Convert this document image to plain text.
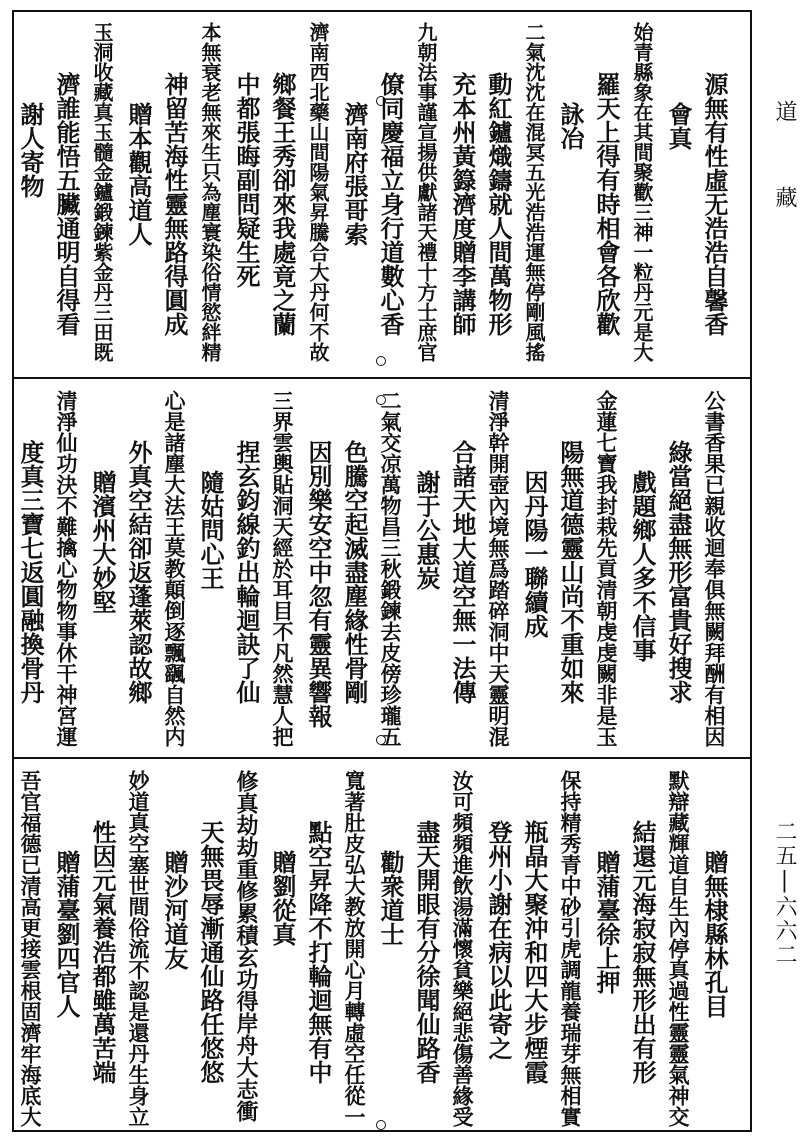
道藏
二五|六六二
源無有性虛无浩浩自馨香
會真
始青縣象在其間聚歡三神一粒丹元是大
羅天上得有時相會各欣歡
詠冶
二氣沈沈在混冥五光浩浩運無停剛風搖
動紅鑪熾鑄就人間萬物形
充本州黃籙濟度贈李講師
九朝法事謹宣揚供獻諸天禮十方士庶官
僚同慶福立身行道數心香
濟南府張哥索
濟南西北藥山間陽氣昇騰合大丹何不故
鄉餐王秀卻來我處竟之蘭
中都張晦副問疑生死
本無衰老無來生只為塵寰染俗情慾絆精
神留苦海性靈無路得圓成
贈本觀高道人
玉洞收藏真玉髓金鑪鍛鍊紫金丹三田既
濟誰能悟五臟通明自得看
謝人寄物
公書香果已親收迴奉俱無闕拜酬有相因
綠當絕盡無形富貴好搜求
戲題鄉人多不信事
金蓮七寶我封栽先貢清朝虔虔闕非是玉
陽無道德靈山尚不重如來
因丹陽一聯續成
清淨幹開壺內境無爲踏碎洞中天靈明混
合諸天地大道空無一法傳
謝于公惠炭
二氣交凉萬物昌三秋鍛鍊去皮傍珍瓏五
色騰空起滅盡塵緣性骨剛
因別樂安空中忽有靈異響報
三界雲輿貼洞天經於耳目不凡然慧人把
捏玄鈞線釣出輪迴訣了仙
隨姑問心王
心是諸塵大法王莫教顛倒逐飄颻自然内
外真空結卻返蓬萊認故鄉
贈濱州大妙堅
清淨仙功決不難擒心物物事休干神宮運
度真三寶七返圓融換骨丹
贈無棣縣林孔目
默辯藏輝道自生內停真過性靈靈氣神交
結還元海寂寂無形出有形
贈蒲臺徐上押
保持精秀青中砂引虎調龍養瑞芽無相實
瓶晶大聚沖和四大步煙霞
登州小謝在病以此寄之
汝可頻頻進飲湯滿懷貧樂絕悲傷善緣受
盡天開眼有分徐聞仙路香
勸衆道士
寬著肚皮弘大教放開心月轉虛空任從一
點空昇降不打輪迴無有中
贈劉從真
修真劫劫重修累積玄功得岸舟大志衝
天無畏辱漸通仙路任悠悠
贈沙河道友
妙道真空塞世間俗流不認是還丹生身立
性因元氣養浩都雖萬苦端
贈蒲臺劉四官人
吾官福德已清高更接雲根固濟牢海底大
